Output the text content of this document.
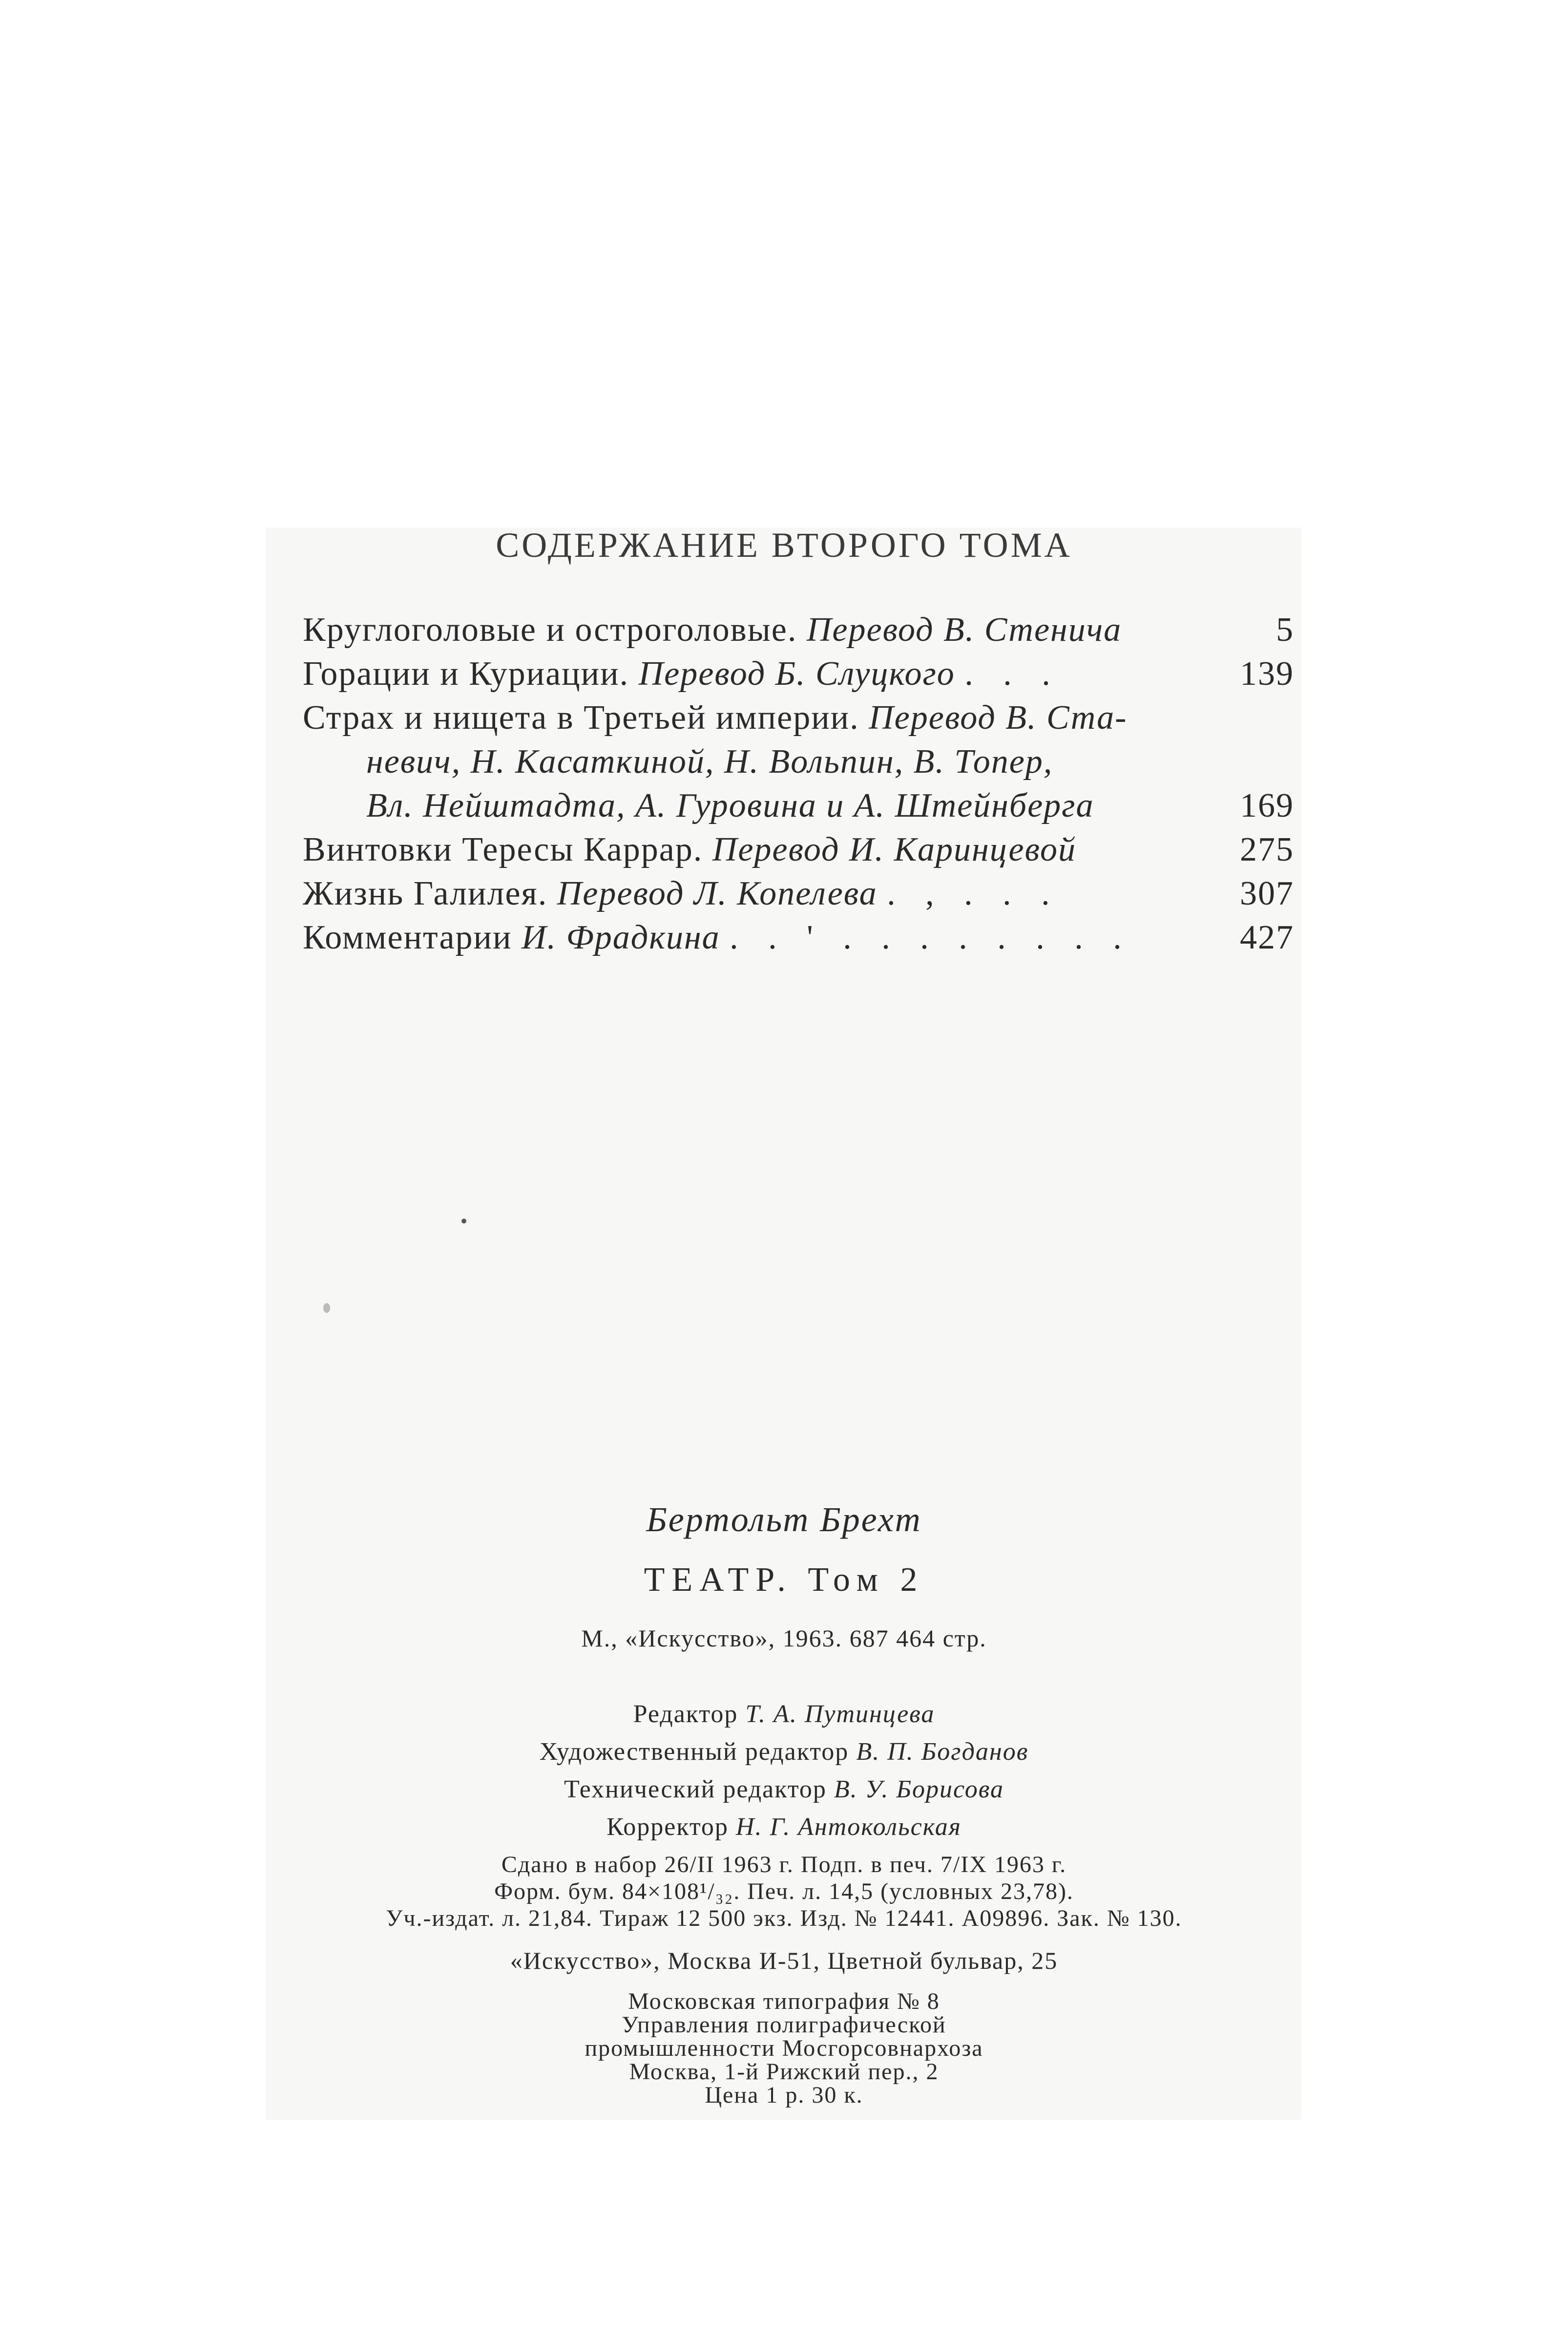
СОДЕРЖАНИЕ ВТОРОГО ТОМА
Круглоголовые и остроголовые. Перевод В. Стенича	5
Горации и Куриации. Перевод Б. Слуцкого . . .	139
Страх и нищета в Третьей империи. Перевод В. Ста-
невич, Н. Касаткиной, Н. Вольпин, В. Топер,
Вл. Нейштадта, А. Гуровина и А. Штейнберга	169
Винтовки Тересы Каррар. Перевод И. Каринцевой	275
Жизнь Галилея. Перевод Л. Копелева . , . . .	307
Комментарии И. Фрадкина . . ' . . . . . . . .	427
Бертольт Брехт
ТЕАТР. Том 2
М., «Искусство», 1963. 687 464 стр.
Редактор Т. А. Путинцева
Художественный редактор В. П. Богданов
Технический редактор В. У. Борисова
Корректор Н. Г. Антокольская
Сдано в набор 26/II 1963 г. Подп. в печ. 7/IX 1963 г.
Форм. бум. 84×108¹/₃₂. Печ. л. 14,5 (условных 23,78).
Уч.-издат. л. 21,84. Тираж 12 500 экз. Изд. № 12441. А09896. Зак. № 130.
«Искусство», Москва И-51, Цветной бульвар, 25
Московская типография № 8
Управления полиграфической
промышленности Мосгорсовнархоза
Москва, 1-й Рижский пер., 2
Цена 1 р. 30 к.
